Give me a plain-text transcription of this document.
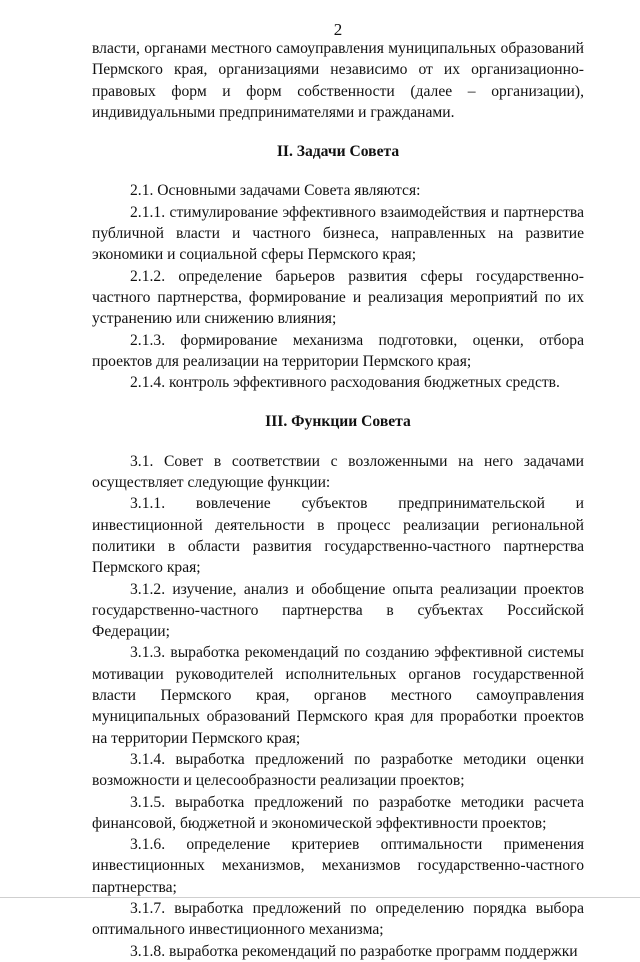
2

власти, органами местного самоуправления муниципальных образований Пермского края, организациями независимо от их организационно-правовых форм и форм собственности (далее – организации), индивидуальными предпринимателями и гражданами.

II. Задачи Совета

2.1. Основными задачами Совета являются:

2.1.1. стимулирование эффективного взаимодействия и партнерства публичной власти и частного бизнеса, направленных на развитие экономики и социальной сферы Пермского края;

2.1.2. определение барьеров развития сферы государственно-частного партнерства, формирование и реализация мероприятий по их устранению или снижению влияния;

2.1.3. формирование механизма подготовки, оценки, отбора проектов для реализации на территории Пермского края;

2.1.4. контроль эффективного расходования бюджетных средств.

III. Функции Совета

3.1. Совет в соответствии с возложенными на него задачами осуществляет следующие функции:

3.1.1. вовлечение субъектов предпринимательской и инвестиционной деятельности в процесс реализации региональной политики в области развития государственно-частного партнерства Пермского края;

3.1.2. изучение, анализ и обобщение опыта реализации проектов государственно-частного партнерства в субъектах Российской Федерации;

3.1.3. выработка рекомендаций по созданию эффективной системы мотивации руководителей исполнительных органов государственной власти Пермского края, органов местного самоуправления муниципальных образований Пермского края для проработки проектов на территории Пермского края;

3.1.4. выработка предложений по разработке методики оценки возможности и целесообразности реализации проектов;

3.1.5. выработка предложений по разработке методики расчета финансовой, бюджетной и экономической эффективности проектов;

3.1.6. определение критериев оптимальности применения инвестиционных механизмов, механизмов государственно-частного партнерства;

3.1.7. выработка предложений по определению порядка выбора оптимального инвестиционного механизма;

3.1.8. выработка рекомендаций по разработке программ поддержки
